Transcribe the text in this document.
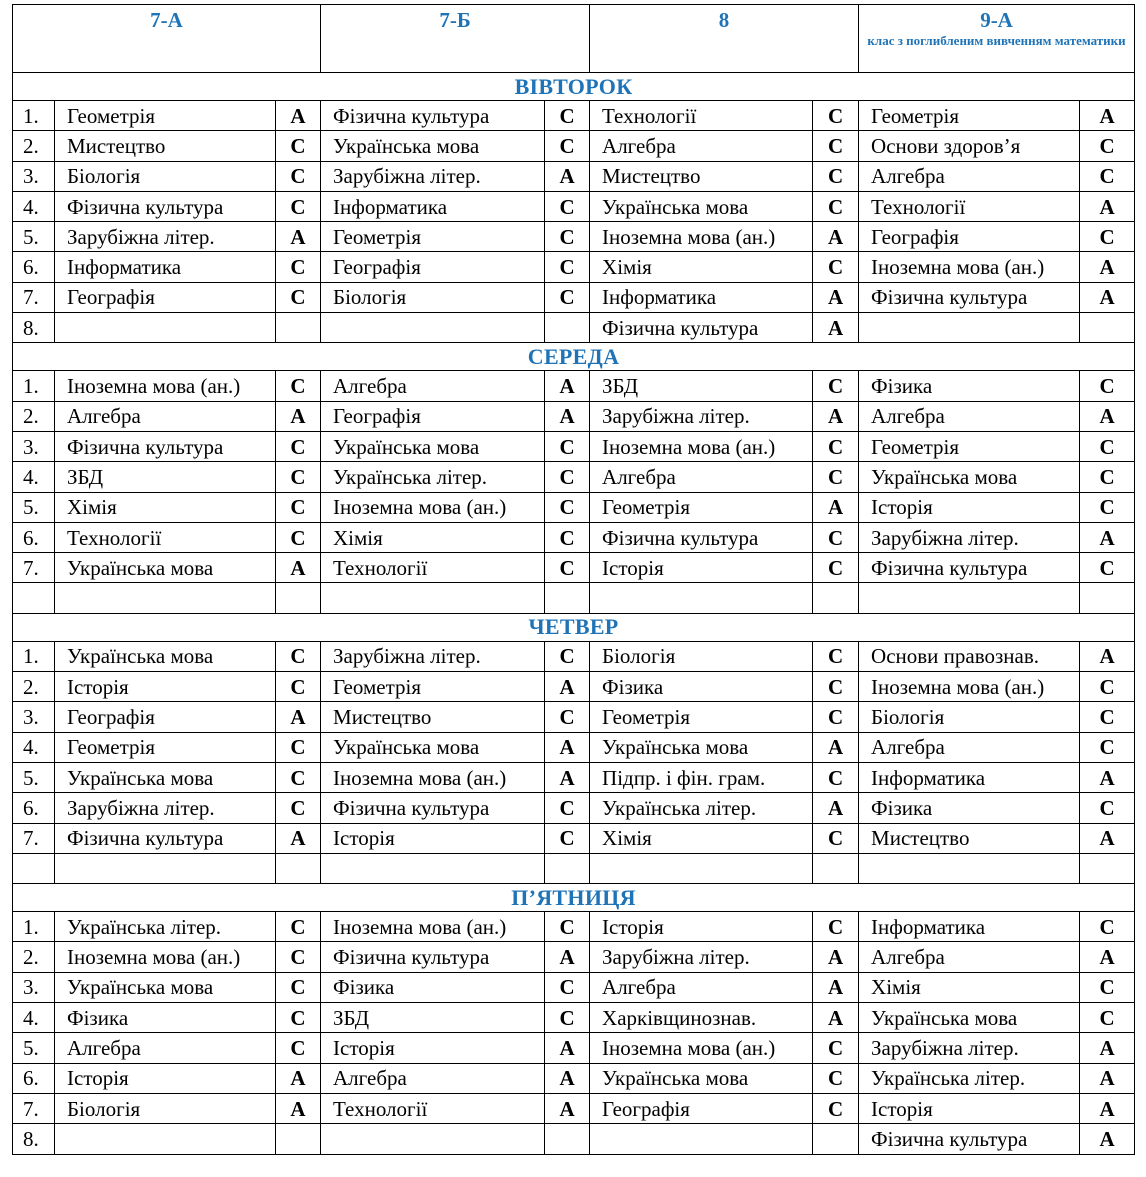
7-А			7-Б		8		9-А
клас з поглибленим вивченням математики	

ВІВТОРОК								
1.	Геометрія	А	Фізична культура	С	Технології	С	Геометрія	А
2.	Мистецтво	С	Українська мова	С	Алгебра	С	Основи здоров’я	С
3.	Біологія	С	Зарубіжна літер.	А	Мистецтво	С	Алгебра	С
4.	Фізична культура	С	Інформатика	С	Українська мова	С	Технології	А
5.	Зарубіжна літер.	А	Геометрія	С	Іноземна мова (ан.)	А	Географія	С
6.	Інформатика	С	Географія	С	Хімія	С	Іноземна мова (ан.)	А
7.	Географія	С	Біологія	С	Інформатика	А	Фізична культура	А
8.					Фізична культура	А		
СЕРЕДА								
1.	Іноземна мова (ан.)	С	Алгебра	А	ЗБД	С	Фізика	С
2.	Алгебра	А	Географія	А	Зарубіжна літер.	А	Алгебра	А
3.	Фізична культура	С	Українська мова	С	Іноземна мова (ан.)	С	Геометрія	С
4.	ЗБД	С	Українська літер.	С	Алгебра	С	Українська мова	С
5.	Хімія	С	Іноземна мова (ан.)	С	Геометрія	А	Історія	С
6.	Технології	С	Хімія	С	Фізична культура	С	Зарубіжна літер.	А
7.	Українська мова	А	Технології	С	Історія	С	Фізична культура	С

ЧЕТВЕР								
1.	Українська мова	С	Зарубіжна літер.	С	Біологія	С	Основи правознав.	А
2.	Історія	С	Геометрія	А	Фізика	С	Іноземна мова (ан.)	С
3.	Географія	А	Мистецтво	С	Геометрія	С	Біологія	С
4.	Геометрія	С	Українська мова	А	Українська мова	А	Алгебра	С
5.	Українська мова	С	Іноземна мова (ан.)	А	Підпр. і фін. грам.	С	Інформатика	А
6.	Зарубіжна літер.	С	Фізична культура	С	Українська літер.	А	Фізика	С
7.	Фізична культура	А	Історія	С	Хімія	С	Мистецтво	А

П’ЯТНИЦЯ								
1.	Українська літер.	С	Іноземна мова (ан.)	С	Історія	С	Інформатика	С
2.	Іноземна мова (ан.)	С	Фізична культура	А	Зарубіжна літер.	А	Алгебра	А
3.	Українська мова	С	Фізика	С	Алгебра	А	Хімія	С
4.	Фізика	С	ЗБД	С	Харківщинознав.	А	Українська мова	С
5.	Алгебра	С	Історія	А	Іноземна мова (ан.)	С	Зарубіжна літер.	А
6.	Історія	А	Алгебра	А	Українська мова	С	Українська літер.	А
7.	Біологія	А	Технології	А	Географія	С	Історія	А
8.							Фізична культура	А
